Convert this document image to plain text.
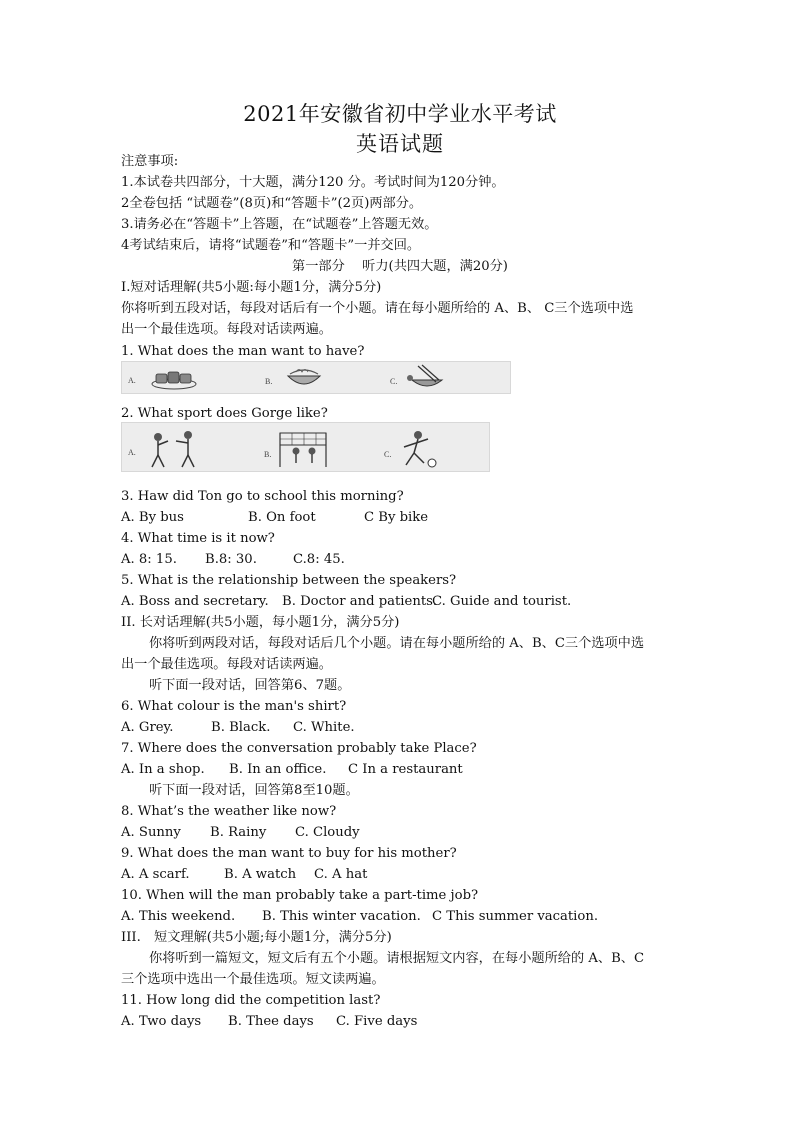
2021年安徽省初中学业水平考试
英语试题
注意事项:
1.本试卷共四部分，十大题，满分120 分。考试时间为120分钟。
2全卷包括 “试题卷”(8页)和“答题卡”(2页)两部分。
3.请务必在“答题卡”上答题，在“试题卷”上答题无效。
4考试结束后，请将“试题卷”和“答题卡”一并交回。
第一部分　 听力(共四大题，满20分)
I.短对话理解(共5小题:每小题1分，满分5分)
你将听到五段对话，每段对话后有一个小题。请在每小题所给的 A、B、 C三个选项中选
出一个最佳选项。每段对话读两遍。
1. What does the man want to have?
A.	B.	C.
2. What sport does Gorge like?
A.	B.	C.
3. Haw did Ton go to school this morning?
A. By bus	B. On foot	C By bike
4. What time is it now?
A. 8: 15. B.8: 30.	C.8: 45.
5. What is the relationship between the speakers?
A. Boss and secretary. B. Doctor and patients.
C. Guide and tourist.
II. 长对话理解(共5小题，每小题1分，满分5分)
你将听到两段对话，每段对话后几个小题。请在每小题所给的 A、B、C三个选项中选
出一个最佳选项。每段对话读两遍。
听下面一段对话，回答第6、7题。
6. What colour is the man's shirt?
A. Grey.	B. Black. C. White.
7. Where does the conversation probably take Place?
A. In a shop. B. In an office. C In a restaurant
听下面一段对话，回答第8至10题。
8. What’s the weather like now?
A. Sunny B. Rainy C. Cloudy
9. What does the man want to buy for his mother?
A. A scarf.	B. A watch C. A hat
10. When will the man probably take a part-time job?
A. This weekend. B. This winter vacation. C This summer vacation.
III.　短文理解(共5小题;每小题1分，满分5分)
你将听到一篇短文，短文后有五个小题。请根据短文内容，在每小题所给的 A、B、C
三个选项中选出一个最佳选项。短文读两遍。
11. How long did the competition last?
A. Two days B. Thee days C. Five days
